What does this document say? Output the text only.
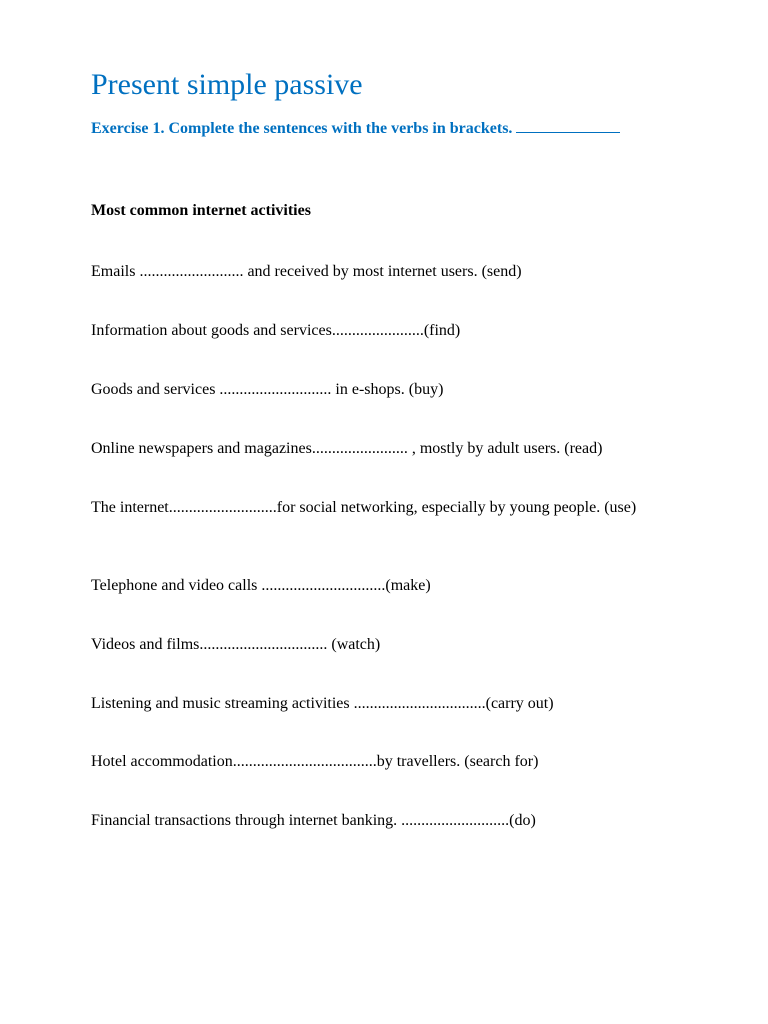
Present simple passive

Exercise 1. Complete the sentences with the verbs in brackets.

Most common internet activities

Emails .......................... and received by most internet users. (send)

Information about goods and services.......................(find)

Goods and services ............................ in e-shops. (buy)

Online newspapers and magazines........................ , mostly by adult users. (read)

The internet...........................for social networking, especially by young people. (use)

Telephone and video calls ...............................(make)

Videos and films................................ (watch)

Listening and music streaming activities .................................(carry out)

Hotel accommodation....................................by travellers. (search for)

Financial transactions through internet banking. ...........................(do)
